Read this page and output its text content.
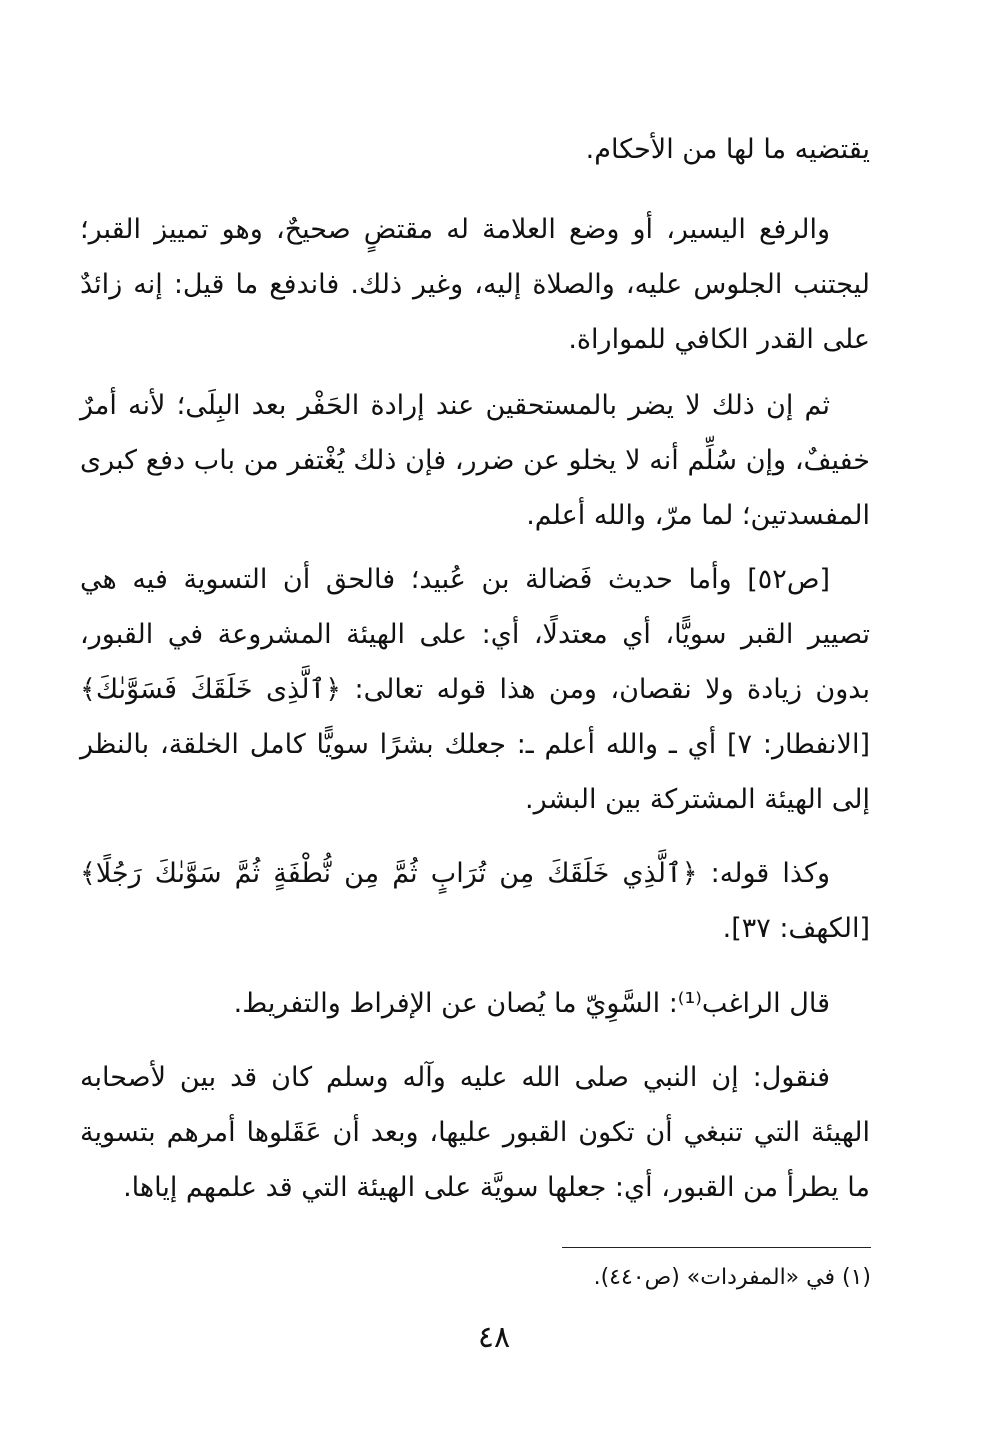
يقتضيه ما لها من الأحكام.
والرفع اليسير، أو وضع العلامة له مقتضٍ صحيحٌ، وهو تمييز القبر؛ ليجتنب الجلوس عليه، والصلاة إليه، وغير ذلك. فاندفع ما قيل: إنه زائدٌ على القدر الكافي للمواراة.
ثم إن ذلك لا يضر بالمستحقين عند إرادة الحَفْر بعد البِلَى؛ لأنه أمرٌ خفيفٌ، وإن سُلِّم أنه لا يخلو عن ضرر، فإن ذلك يُغْتفر من باب دفع كبرى المفسدتين؛ لما مرّ، والله أعلم.
[ص٥٢] وأما حديث فَضالة بن عُبيد؛ فالحق أن التسوية فيه هي تصيير القبر سويًّا، أي معتدلًا، أي: على الهيئة المشروعة في القبور، بدون زيادة ولا نقصان، ومن هذا قوله تعالى: ﴿ٱلَّذِى خَلَقَكَ فَسَوَّىٰكَ﴾ [الانفطار: ٧] أي ـ والله أعلم ـ: جعلك بشرًا سويًّا كامل الخلقة، بالنظر إلى الهيئة المشتركة بين البشر.
وكذا قوله: ﴿ٱلَّذِي خَلَقَكَ مِن تُرَابٍ ثُمَّ مِن نُّطْفَةٍ ثُمَّ سَوَّىٰكَ رَجُلًا﴾ [الكهف: ٣٧].
قال الراغب⁽¹⁾: السَّوِيّ ما يُصان عن الإفراط والتفريط.
فنقول: إن النبي صلى الله عليه وآله وسلم كان قد بين لأصحابه الهيئة التي تنبغي أن تكون القبور عليها، وبعد أن عَقَلوها أمرهم بتسوية ما يطرأ من القبور، أي: جعلها سويَّة على الهيئة التي قد علمهم إياها.
(١) في «المفردات» (ص٤٤٠).
٤٨
